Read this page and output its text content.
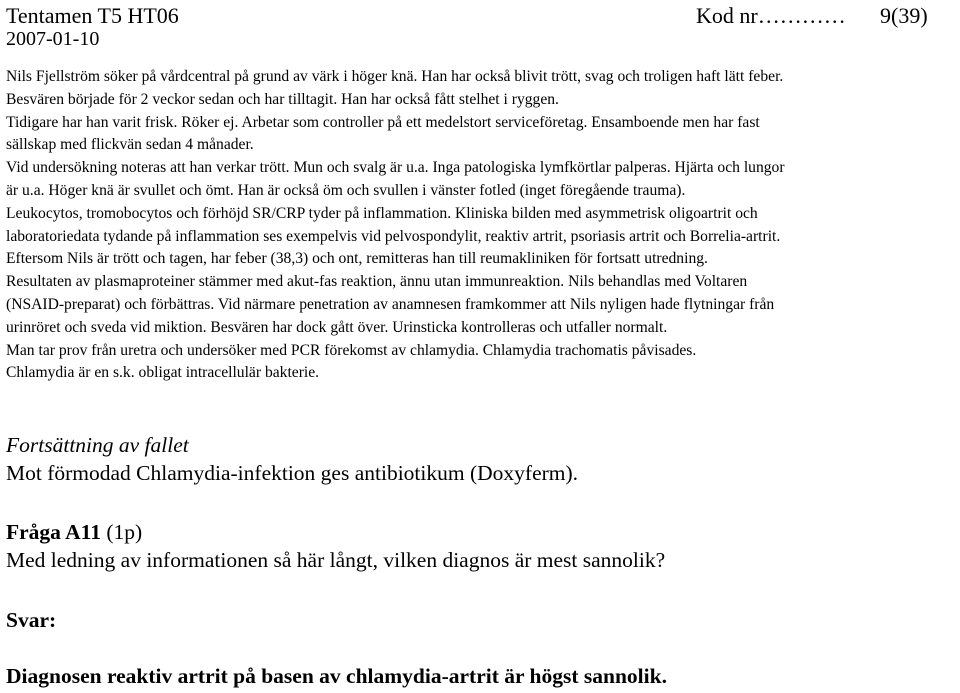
Tentamen T5 HT06	Kod nr………… 9(39)
2007-01-10

Nils Fjellström söker på vårdcentral på grund av värk i höger knä. Han har också blivit trött, svag och troligen haft lätt feber.

Besvären började för 2 veckor sedan och har tilltagit. Han har också fått stelhet i ryggen.

Tidigare har han varit frisk. Röker ej. Arbetar som controller på ett medelstort serviceföretag. Ensamboende men har fast

sällskap med flickvän sedan 4 månader.

Vid undersökning noteras att han verkar trött. Mun och svalg är u.a. Inga patologiska lymfkörtlar palperas. Hjärta och lungor

är u.a. Höger knä är svullet och ömt. Han är också öm och svullen i vänster fotled (inget föregående trauma).

Leukocytos, tromobocytos och förhöjd SR/CRP tyder på inflammation. Kliniska bilden med asymmetrisk oligoartrit och

laboratoriedata tydande på inflammation ses exempelvis vid pelvospondylit, reaktiv artrit, psoriasis artrit och Borrelia-artrit.

Eftersom Nils är trött och tagen, har feber (38,3) och ont, remitteras han till reumakliniken för fortsatt utredning.

Resultaten av plasmaproteiner stämmer med akut-fas reaktion, ännu utan immunreaktion. Nils behandlas med Voltaren

(NSAID-preparat) och förbättras. Vid närmare penetration av anamnesen framkommer att Nils nyligen hade flytningar från

urinröret och sveda vid miktion. Besvären har dock gått över. Urinsticka kontrolleras och utfaller normalt.

Man tar prov från uretra och undersöker med PCR förekomst av chlamydia. Chlamydia trachomatis påvisades.

Chlamydia är en s.k. obligat intracellulär bakterie.

Fortsättning av fallet
Mot förmodad Chlamydia-infektion ges antibiotikum (Doxyferm).
Fråga A11 (1p)
Med ledning av informationen så här långt, vilken diagnos är mest sannolik?
Svar:
Diagnosen reaktiv artrit på basen av chlamydia-artrit är högst sannolik.
